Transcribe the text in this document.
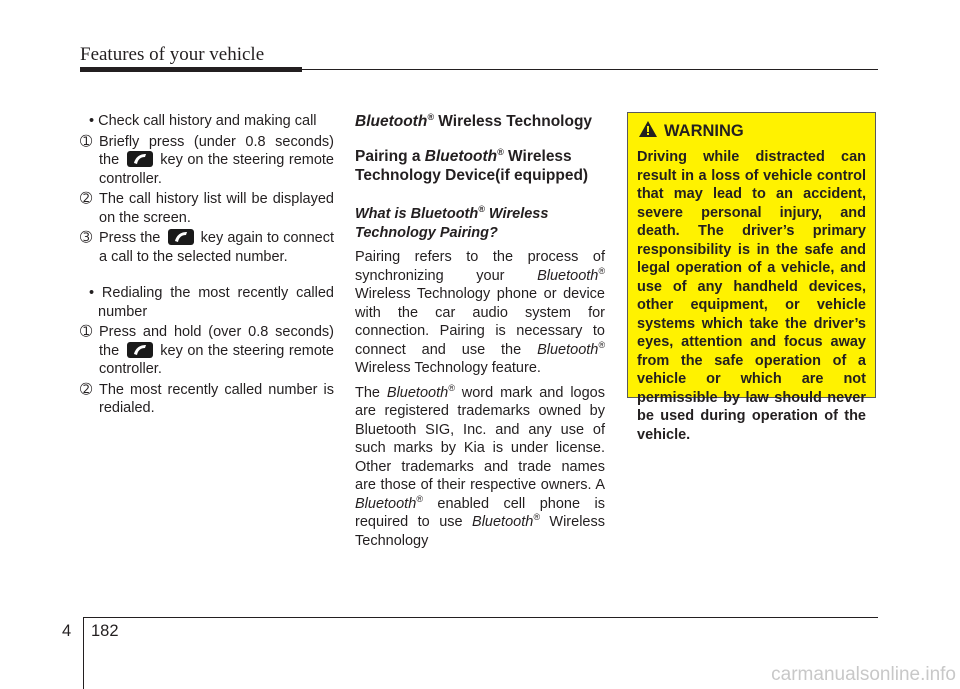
Features of your vehicle

• Check call history and making call

➀ Briefly press (under 0.8 seconds) the	key on the steering remote controller.

➁ The call history list will be displayed on the screen.

➂ Press the	key again to connect a call to the selected number.

• Redialing the most recently called number

➀ Press and hold (over 0.8 seconds) the	key on the steering remote controller.

➁ The most recently called number is redialed.

Bluetooth® Wireless Technology

Pairing a Bluetooth® Wireless Technology Device(if equipped)

What is Bluetooth® Wireless Technology Pairing?

Pairing refers to the process of synchronizing your Bluetooth® Wireless Technology phone or device with the car audio system for connection. Pairing is necessary to connect and use the Bluetooth® Wireless Technology feature.

The Bluetooth® word mark and logos are registered trademarks owned by Bluetooth SIG, Inc. and any use of such marks by Kia is under license. Other trademarks and trade names are those of their respective owners. A Bluetooth® enabled cell phone is required to use Bluetooth® Wireless Technology

WARNING

Driving while distracted can result in a loss of vehicle control that may lead to an accident, severe personal injury, and death. The driver’s primary responsibility is in the safe and legal operation of a vehicle, and use of any handheld devices, other equipment, or vehicle systems which take the driver’s eyes, attention and focus away from the safe operation of a vehicle or which are not permissible by law should never be used during operation of the vehicle.

4 182
carmanualsonline.info
